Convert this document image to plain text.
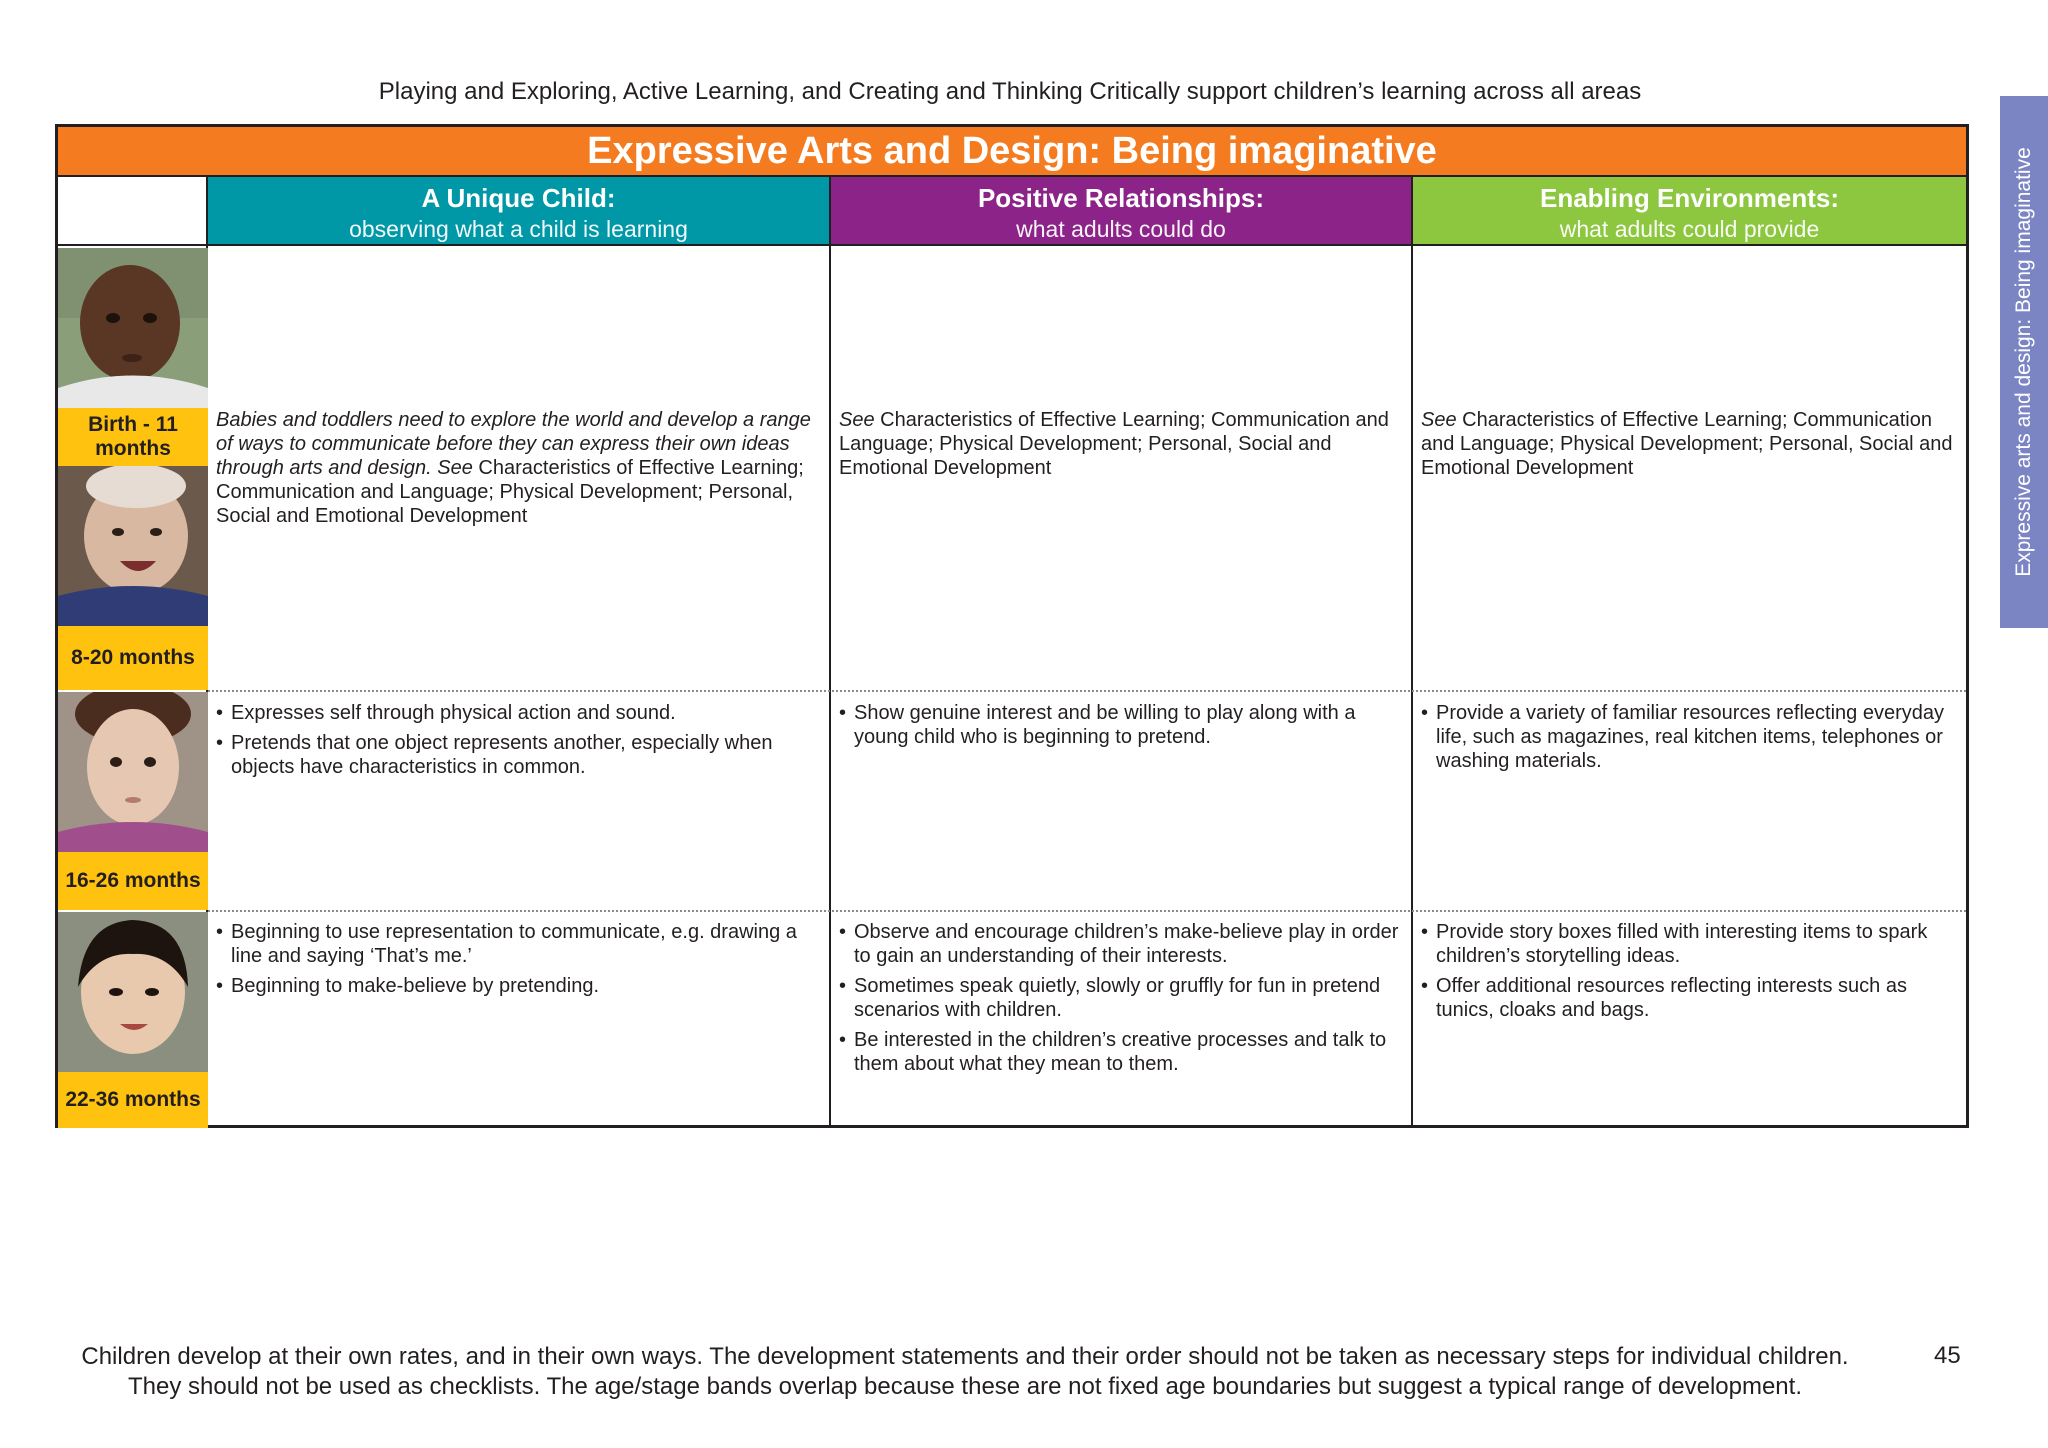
Playing and Exploring, Active Learning, and Creating and Thinking Critically support children’s learning across all areas
Expressive arts and design: Being imaginative
Expressive Arts and Design: Being imaginative
A Unique Child:
observing what a child is learning
Positive Relationships:
what adults could do
Enabling Environments:
what adults could provide
Birth - 11 months
8-20 months
16-26 months
22-36 months

Babies and toddlers need to explore the world and develop a range of ways to communicate before they can express their own ideas through arts and design. See Characteristics of Effective Learning; Communication and Language; Physical Development; Personal, Social and Emotional Development

See Characteristics of Effective Learning; Communication and Language; Physical Development; Personal, Social and Emotional Development

See Characteristics of Effective Learning; Communication and Language; Physical Development; Personal, Social and Emotional Development

• Expresses self through physical action and sound.
• Pretends that one object represents another, especially when objects have characteristics in common.
• Show genuine interest and be willing to play along with a young child who is beginning to pretend.
• Provide a variety of familiar resources reflecting everyday life, such as magazines, real kitchen items, telephones or washing materials.
• Beginning to use representation to communicate, e.g. drawing a line and saying ‘That’s me.’
• Beginning to make-believe by pretending.
• Observe and encourage children’s make-believe play in order to gain an understanding of their interests.
• Sometimes speak quietly, slowly or gruffly for fun in pretend scenarios with children.
• Be interested in the children’s creative processes and talk to them about what they mean to them.
• Provide story boxes filled with interesting items to spark children’s storytelling ideas.
• Offer additional resources reflecting interests such as tunics, cloaks and bags.
Children develop at their own rates, and in their own ways. The development statements and their order should not be taken as necessary steps for individual children.
They should not be used as checklists. The age/stage bands overlap because these are not fixed age boundaries but suggest a typical range of development.
45
